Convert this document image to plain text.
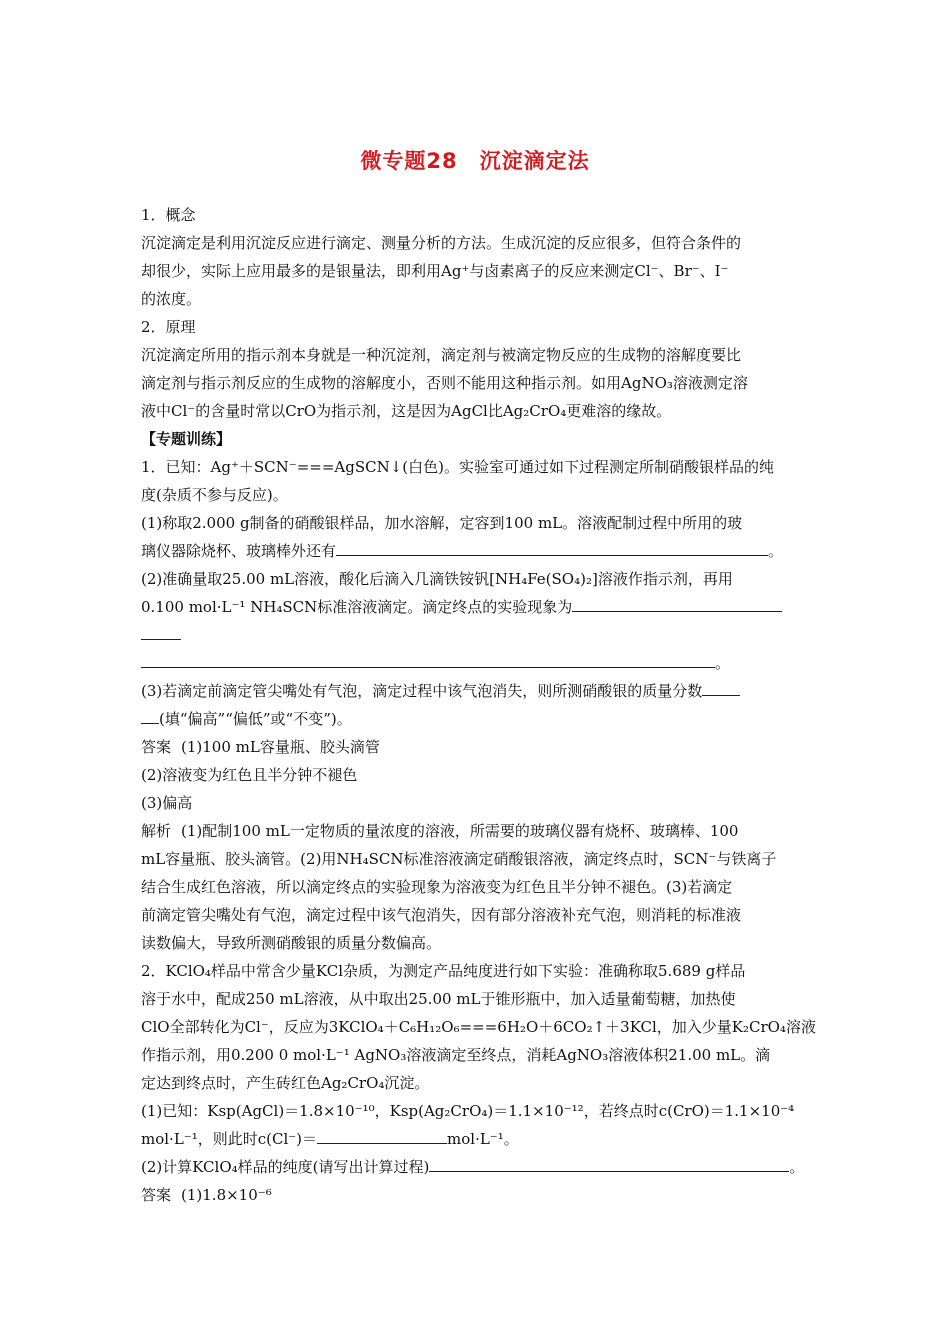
微专题28　沉淀滴定法
1．概念
沉淀滴定是利用沉淀反应进行滴定、测量分析的方法。生成沉淀的反应很多，但符合条件的
却很少，实际上应用最多的是银量法，即利用Ag⁺与卤素离子的反应来测定Cl⁻、Br⁻、I⁻
的浓度。
2．原理
沉淀滴定所用的指示剂本身就是一种沉淀剂，滴定剂与被滴定物反应的生成物的溶解度要比
滴定剂与指示剂反应的生成物的溶解度小，否则不能用这种指示剂。如用AgNO₃溶液测定溶
液中Cl⁻的含量时常以CrO为指示剂，这是因为AgCl比Ag₂CrO₄更难溶的缘故。
【专题训练】
1．已知：Ag⁺＋SCN⁻===AgSCN↓(白色)。实验室可通过如下过程测定所制硝酸银样品的纯
度(杂质不参与反应)。
(1)称取2.000 g制备的硝酸银样品，加水溶解，定容到100 mL。溶液配制过程中所用的玻
璃仪器除烧杯、玻璃棒外还有	。
(2)准确量取25.00 mL溶液，酸化后滴入几滴铁铵钒[NH₄Fe(SO₄)₂]溶液作指示剂，再用
0.100 mol·L⁻¹ NH₄SCN标准溶液滴定。滴定终点的实验现象为
。
(3)若滴定前滴定管尖嘴处有气泡，滴定过程中该气泡消失，则所测硝酸银的质量分数
(填“偏高”“偏低”或“不变”)。
答案 (1)100 mL容量瓶、胶头滴管
(2)溶液变为红色且半分钟不褪色
(3)偏高
解析 (1)配制100 mL一定物质的量浓度的溶液，所需要的玻璃仪器有烧杯、玻璃棒、100
mL容量瓶、胶头滴管。(2)用NH₄SCN标准溶液滴定硝酸银溶液，滴定终点时，SCN⁻与铁离子
结合生成红色溶液，所以滴定终点的实验现象为溶液变为红色且半分钟不褪色。(3)若滴定
前滴定管尖嘴处有气泡，滴定过程中该气泡消失，因有部分溶液补充气泡，则消耗的标准液
读数偏大，导致所测硝酸银的质量分数偏高。
2．KClO₄样品中常含少量KCl杂质，为测定产品纯度进行如下实验：准确称取5.689 g样品
溶于水中，配成250 mL溶液，从中取出25.00 mL于锥形瓶中，加入适量葡萄糖，加热使
ClO全部转化为Cl⁻，反应为3KClO₄＋C₆H₁₂O₆===6H₂O＋6CO₂↑＋3KCl，加入少量K₂CrO₄溶液
作指示剂，用0.200 0 mol·L⁻¹ AgNO₃溶液滴定至终点，消耗AgNO₃溶液体积21.00 mL。滴
定达到终点时，产生砖红色Ag₂CrO₄沉淀。
(1)已知：Ksp(AgCl)＝1.8×10⁻¹⁰，Ksp(Ag₂CrO₄)＝1.1×10⁻¹²，若终点时c(CrO)＝1.1×10⁻⁴
mol·L⁻¹，则此时c(Cl⁻)＝	mol·L⁻¹。
(2)计算KClO₄样品的纯度(请写出计算过程)	。
答案 (1)1.8×10⁻⁶
